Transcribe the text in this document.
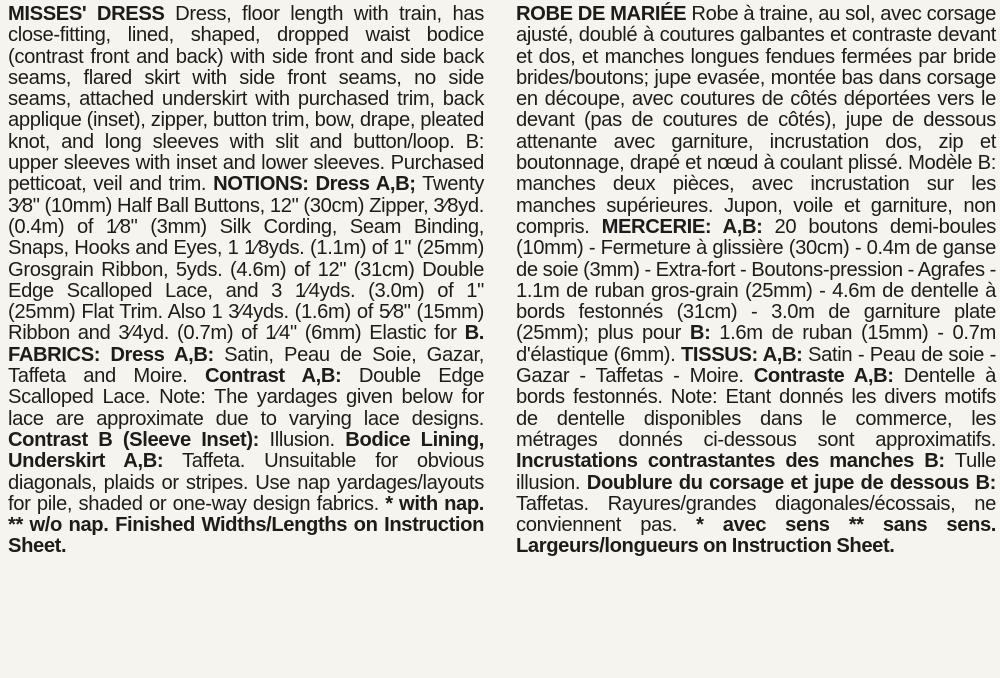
MISSES' DRESS Dress, floor length with train, has close-fitting, lined, shaped, dropped waist bodice (contrast front and back) with side front and side back seams, flared skirt with side front seams, no side seams, attached underskirt with purchased trim, back applique (inset), zipper, button trim, bow, drape, pleated knot, and long sleeves with slit and button/loop. B: upper sleeves with inset and lower sleeves. Purchased petticoat, veil and trim. NOTIONS: Dress A,B; Twenty 3⁄8" (10mm) Half Ball Buttons, 12" (30cm) Zipper, 3⁄8yd. (0.4m) of 1⁄8" (3mm) Silk Cording, Seam Binding, Snaps, Hooks and Eyes, 1 1⁄8yds. (1.1m) of 1" (25mm) Grosgrain Ribbon, 5yds. (4.6m) of 12" (31cm) Double Edge Scalloped Lace, and 3 1⁄4yds. (3.0m) of 1" (25mm) Flat Trim. Also 1 3⁄4yds. (1.6m) of 5⁄8" (15mm) Ribbon and 3⁄4yd. (0.7m) of 1⁄4" (6mm) Elastic for B. FABRICS: Dress A,B: Satin, Peau de Soie, Gazar, Taffeta and Moire. Contrast A,B: Double Edge Scalloped Lace. Note: The yardages given below for lace are approximate due to varying lace designs. Contrast B (Sleeve Inset): Illusion. Bodice Lining, Underskirt A,B: Taffeta. Unsuitable for obvious diagonals, plaids or stripes. Use nap yardages/layouts for pile, shaded or one-way design fabrics. * with nap. ** w/o nap. Finished Widths/Lengths on Instruction Sheet.

ROBE DE MARIÉE Robe à traine, au sol, avec corsage ajusté, doublé à coutures galbantes et contraste devant et dos, et manches longues fendues fermées par bride brides/boutons; jupe evasée, montée bas dans corsage en découpe, avec coutures de côtés déportées vers le devant (pas de coutures de côtés), jupe de dessous attenante avec garniture, incrustation dos, zip et boutonnage, drapé et nœud à coulant plissé. Modèle B: manches deux pièces, avec incrustation sur les manches supérieures. Jupon, voile et garniture, non compris. MERCERIE: A,B: 20 boutons demi-boules (10mm) - Fermeture à glissière (30cm) - 0.4m de ganse de soie (3mm) - Extra-fort - Boutons-pression - Agrafes - 1.1m de ruban gros-grain (25mm) - 4.6m de dentelle à bords festonnés (31cm) - 3.0m de garniture plate (25mm); plus pour B: 1.6m de ruban (15mm) - 0.7m d'élastique (6mm). TISSUS: A,B: Satin - Peau de soie - Gazar - Taffetas - Moire. Contraste A,B: Dentelle à bords festonnés. Note: Etant donnés les divers motifs de dentelle disponibles dans le commerce, les métrages donnés ci-dessous sont approximatifs. Incrustations contrastantes des manches B: Tulle illusion. Doublure du corsage et jupe de dessous B: Taffetas. Rayures/grandes diagonales/écossais, ne conviennent pas. * avec sens ** sans sens. Largeurs/longueurs on Instruction Sheet.
